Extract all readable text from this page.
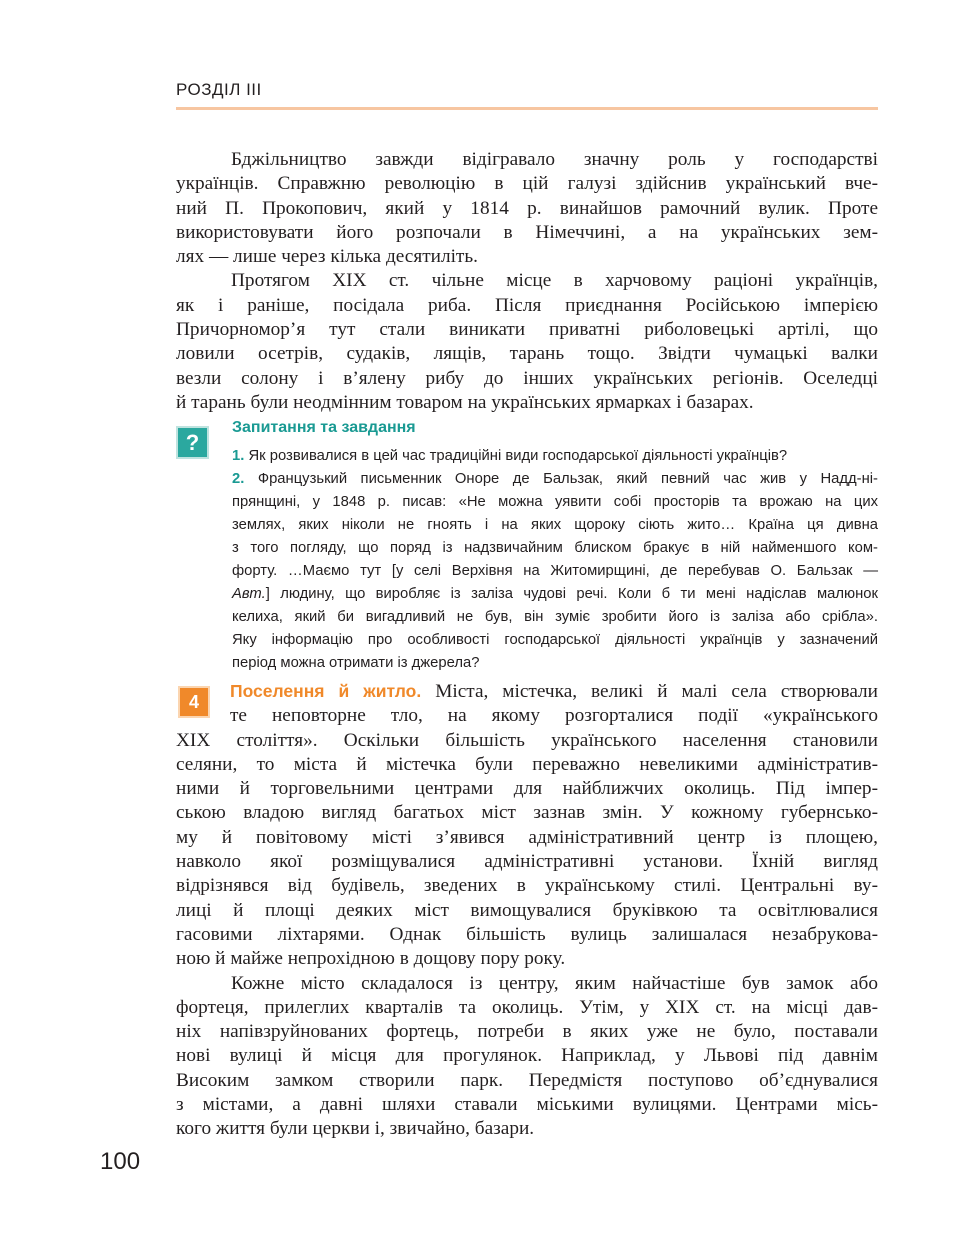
РОЗДІЛ III

Бджільництво завжди відігравало значну роль у господарстві

українців. Справжню революцію в цій галузі здійснив український вче-

ний П. Прокопович, який у 1814 р. винайшов рамочний вулик. Проте

використовувати його розпочали в Німеччині, а на українських зем-

лях — лише через кілька десятиліть.

Протягом XIX ст. чільне місце в харчовому раціоні українців,

як і раніше, посідала риба. Після приєднання Російською імперією

Причорномор’я тут стали виникати приватні риболовецькі артілі, що

ловили осетрів, судаків, лящів, тарань тощо. Звідти чумацькі валки

везли солону і в’ялену рибу до інших українських регіонів. Оселедці

й тарань були неодмінним товаром на українських ярмарках і базарах.

?
Запитання та завдання

1. Як розвивалися в цей час традиційні види господарської діяльності українців?

2. Французький письменник Оноре де Бальзак, який певний час жив у Надд-ні-

прянщині, у 1848 р. писав: «Не можна уявити собі просторів та врожаю на цих

землях, яких ніколи не гноять і на яких щороку сіють жито… Країна ця дивна

з того погляду, що поряд із надзвичайним блиском бракує в ній найменшого ком-

форту. …Маємо тут [у селі Верхівня на Житомирщині, де перебував О. Бальзак —

Авт.] людину, що виробляє із заліза чудові речі. Коли б ти мені надіслав малюнок

келиха, який би вигадливий не був, він зуміє зробити його із заліза або срібла».

Яку інформацію про особливості господарської діяльності українців у зазначений

період можна отримати із джерела?

4

Поселення й житло. Міста, містечка, великі й малі села створювали

те неповторне тло, на якому розгорталися події «українського

XIX століття». Оскільки більшість українського населення становили

селяни, то міста й містечка були переважно невеликими адміністратив-

ними й торговельними центрами для найближчих околиць. Під імпер-

ською владою вигляд багатьох міст зазнав змін. У кожному губернсько-

му й повітовому місті з’явився адміністративний центр із площею,

навколо якої розміщувалися адміністративні установи. Їхній вигляд

відрізнявся від будівель, зведених в українському стилі. Центральні ву-

лиці й площі деяких міст вимощувалися бруківкою та освітлювалися

гасовими ліхтарями. Однак більшість вулиць залишалася незабрукова-

ною й майже непрохідною в дощову пору року.

Кожне місто складалося із центру, яким найчастіше був замок або

фортеця, прилеглих кварталів та околиць. Утім, у XIX ст. на місці дав-

ніх напівзруйнованих фортець, потреби в яких уже не було, поставали

нові вулиці й місця для прогулянок. Наприклад, у Львові під давнім

Високим замком створили парк. Передмістя поступово об’єднувалися

з містами, а давні шляхи ставали міськими вулицями. Центрами місь-

кого життя були церкви і, звичайно, базари.

100
